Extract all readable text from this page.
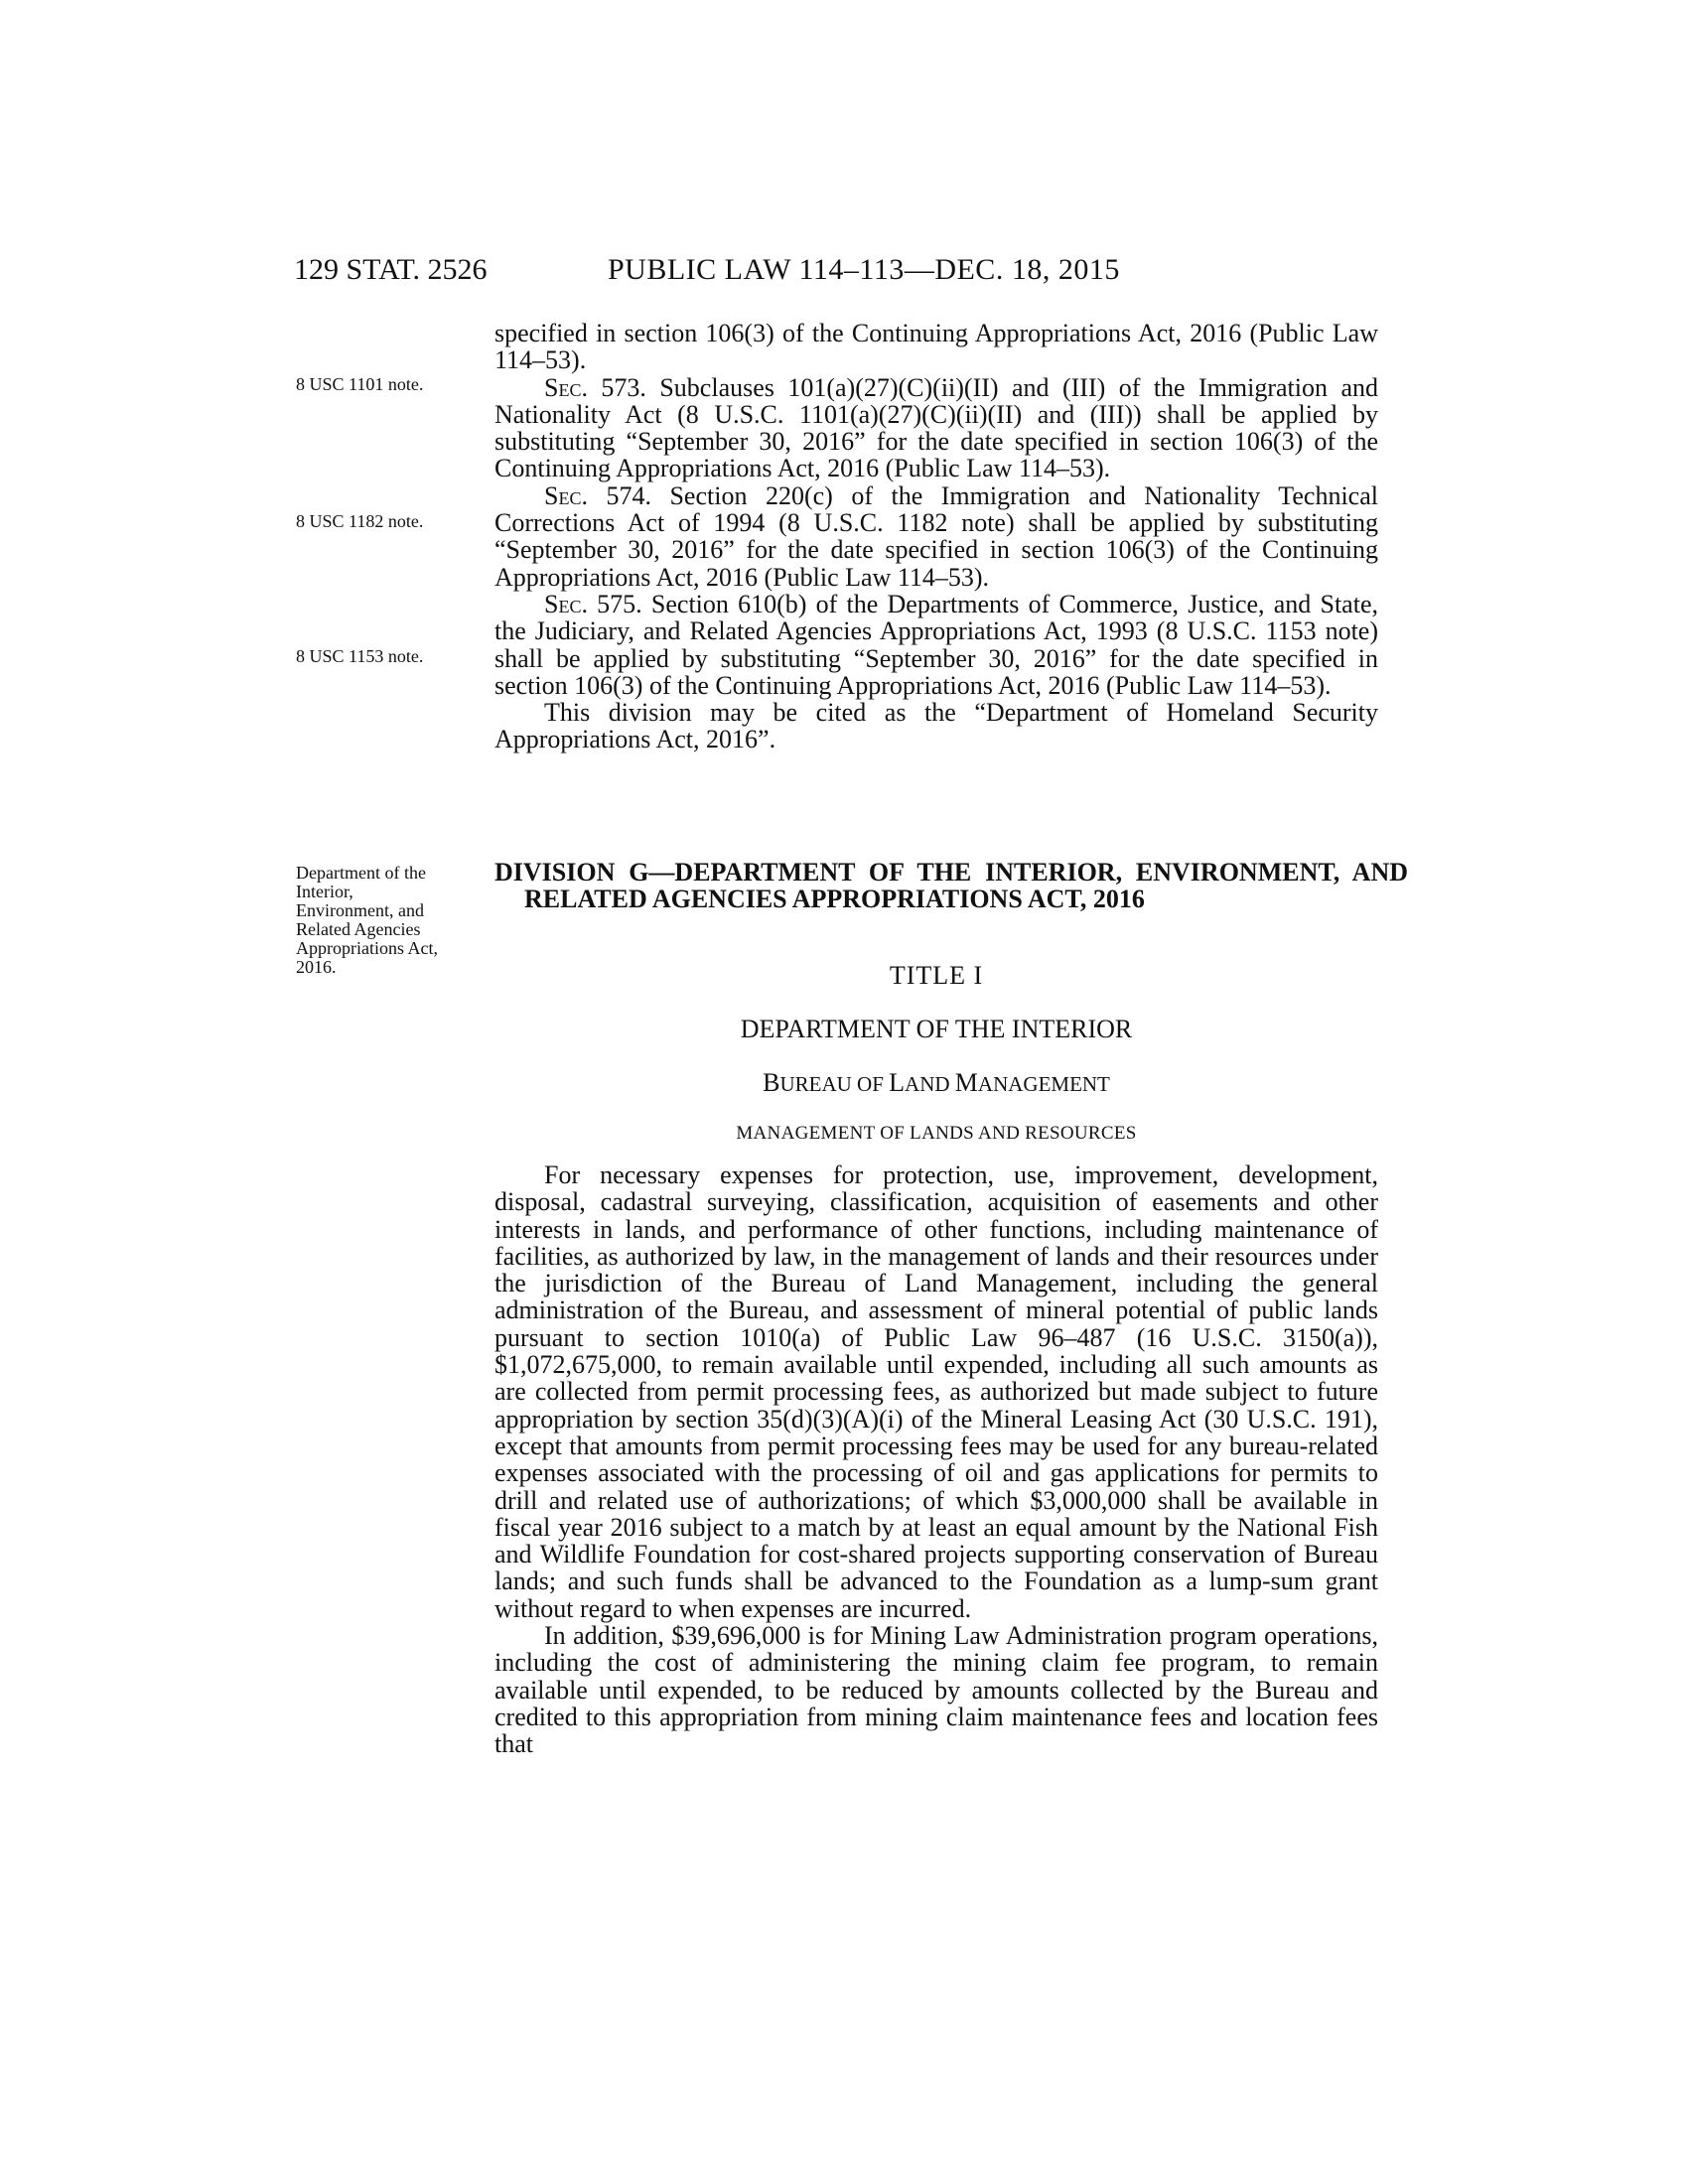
129 STAT. 2526	PUBLIC LAW 114–113—DEC. 18, 2015
8 USC 1101 note.
8 USC 1182 note.
8 USC 1153 note.
Department of the Interior, Environment, and Related Agencies Appropriations Act, 2016.

specified in section 106(3) of the Continuing Appropriations Act, 2016 (Public Law 114–53).

Sec. 573. Subclauses 101(a)(27)(C)(ii)(II) and (III) of the Immigration and Nationality Act (8 U.S.C. 1101(a)(27)(C)(ii)(II) and (III)) shall be applied by substituting “September 30, 2016” for the date specified in section 106(3) of the Continuing Appropriations Act, 2016 (Public Law 114–53).

Sec. 574. Section 220(c) of the Immigration and Nationality Technical Corrections Act of 1994 (8 U.S.C. 1182 note) shall be applied by substituting “September 30, 2016” for the date specified in section 106(3) of the Continuing Appropriations Act, 2016 (Public Law 114–53).

Sec. 575. Section 610(b) of the Departments of Commerce, Justice, and State, the Judiciary, and Related Agencies Appropriations Act, 1993 (8 U.S.C. 1153 note) shall be applied by substituting “September 30, 2016” for the date specified in section 106(3) of the Continuing Appropriations Act, 2016 (Public Law 114–53).

This division may be cited as the “Department of Homeland Security Appropriations Act, 2016”.

DIVISION G—DEPARTMENT OF THE INTERIOR, ENVIRONMENT, AND RELATED AGENCIES APPROPRIATIONS ACT, 2016

TITLE I

DEPARTMENT OF THE INTERIOR

BUREAU OF LAND MANAGEMENT

MANAGEMENT OF LANDS AND RESOURCES

For necessary expenses for protection, use, improvement, development, disposal, cadastral surveying, classification, acquisition of easements and other interests in lands, and performance of other functions, including maintenance of facilities, as authorized by law, in the management of lands and their resources under the jurisdiction of the Bureau of Land Management, including the general administration of the Bureau, and assessment of mineral potential of public lands pursuant to section 1010(a) of Public Law 96–487 (16 U.S.C. 3150(a)), $1,072,675,000, to remain available until expended, including all such amounts as are collected from permit processing fees, as authorized but made subject to future appropriation by section 35(d)(3)(A)(i) of the Mineral Leasing Act (30 U.S.C. 191), except that amounts from permit processing fees may be used for any bureau-related expenses associated with the processing of oil and gas applications for permits to drill and related use of authorizations; of which $3,000,000 shall be available in fiscal year 2016 subject to a match by at least an equal amount by the National Fish and Wildlife Foundation for cost-shared projects supporting conservation of Bureau lands; and such funds shall be advanced to the Foundation as a lump-sum grant without regard to when expenses are incurred.

In addition, $39,696,000 is for Mining Law Administration program operations, including the cost of administering the mining claim fee program, to remain available until expended, to be reduced by amounts collected by the Bureau and credited to this appropriation from mining claim maintenance fees and location fees that
